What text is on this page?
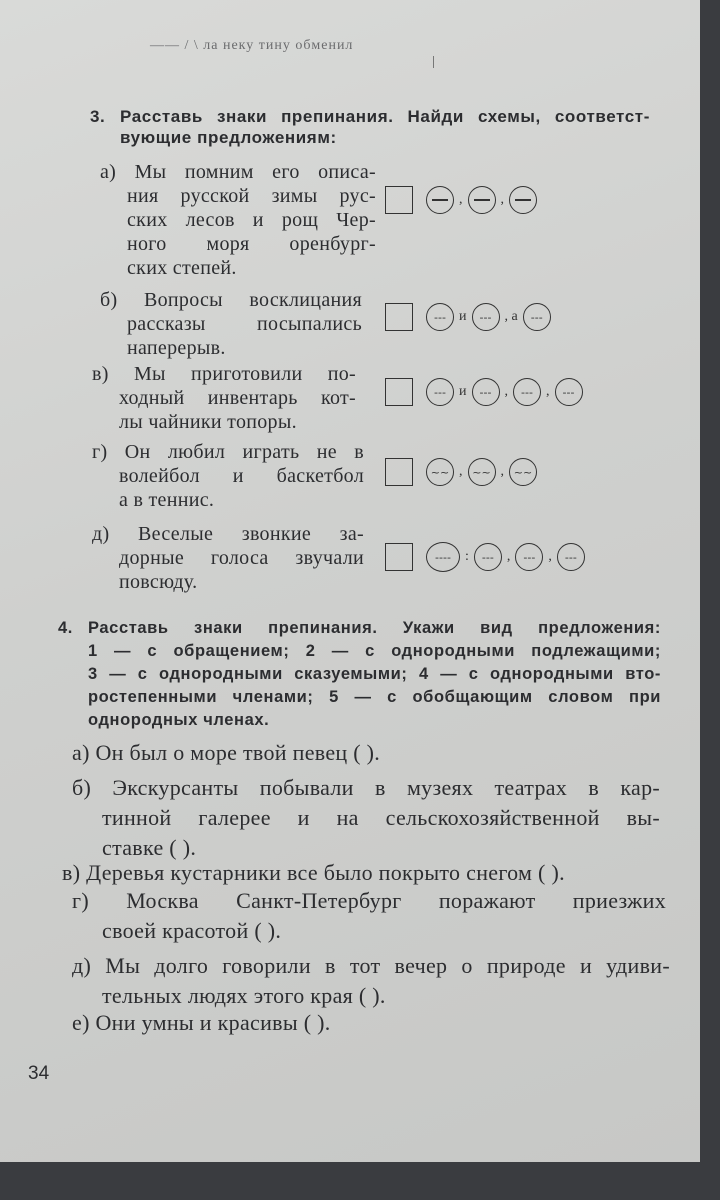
—— / \ ла неку тину обменил
3. Расставь знаки препинания. Найди схемы, соответст-
вующие предложениям:
а) Мы помним его описа-
ния русской зимы рус-
ских лесов и рощ Чер-
ного моря оренбург-
ских степей.
,	,
б) Вопросы восклицания
рассказы посыпались
наперерыв.
--- и	--- , а	---
в) Мы приготовили по-
ходный инвентарь кот-
лы чайники топоры.
--- и	--- ,	--- ,	---
г) Он любил играть не в
волейбол и баскетбол
а в теннис.
~~ , ~~ , ~~
д) Веселые звонкие за-
дорные голоса звучали
повсюду.
----	:	--- ,	--- ,	---
4. Расставь знаки препинания. Укажи вид предложения:
1 — с обращением; 2 — с однородными подлежащими;
3 — с однородными сказуемыми; 4 — с однородными вто-
ростепенными членами; 5 — с обобщающим словом при
однородных членах.
а) Он был о море твой певец ( ).
б) Экскурсанты побывали в музеях театрах в кар-
тинной галерее и на сельскохозяйственной вы-
ставке ( ).
в) Деревья кустарники все было покрыто снегом ( ).
г) Москва Санкт-Петербург поражают приезжих
своей красотой ( ).
д) Мы долго говорили в тот вечер о природе и удиви-
тельных людях этого края ( ).
е) Они умны и красивы ( ).
34
